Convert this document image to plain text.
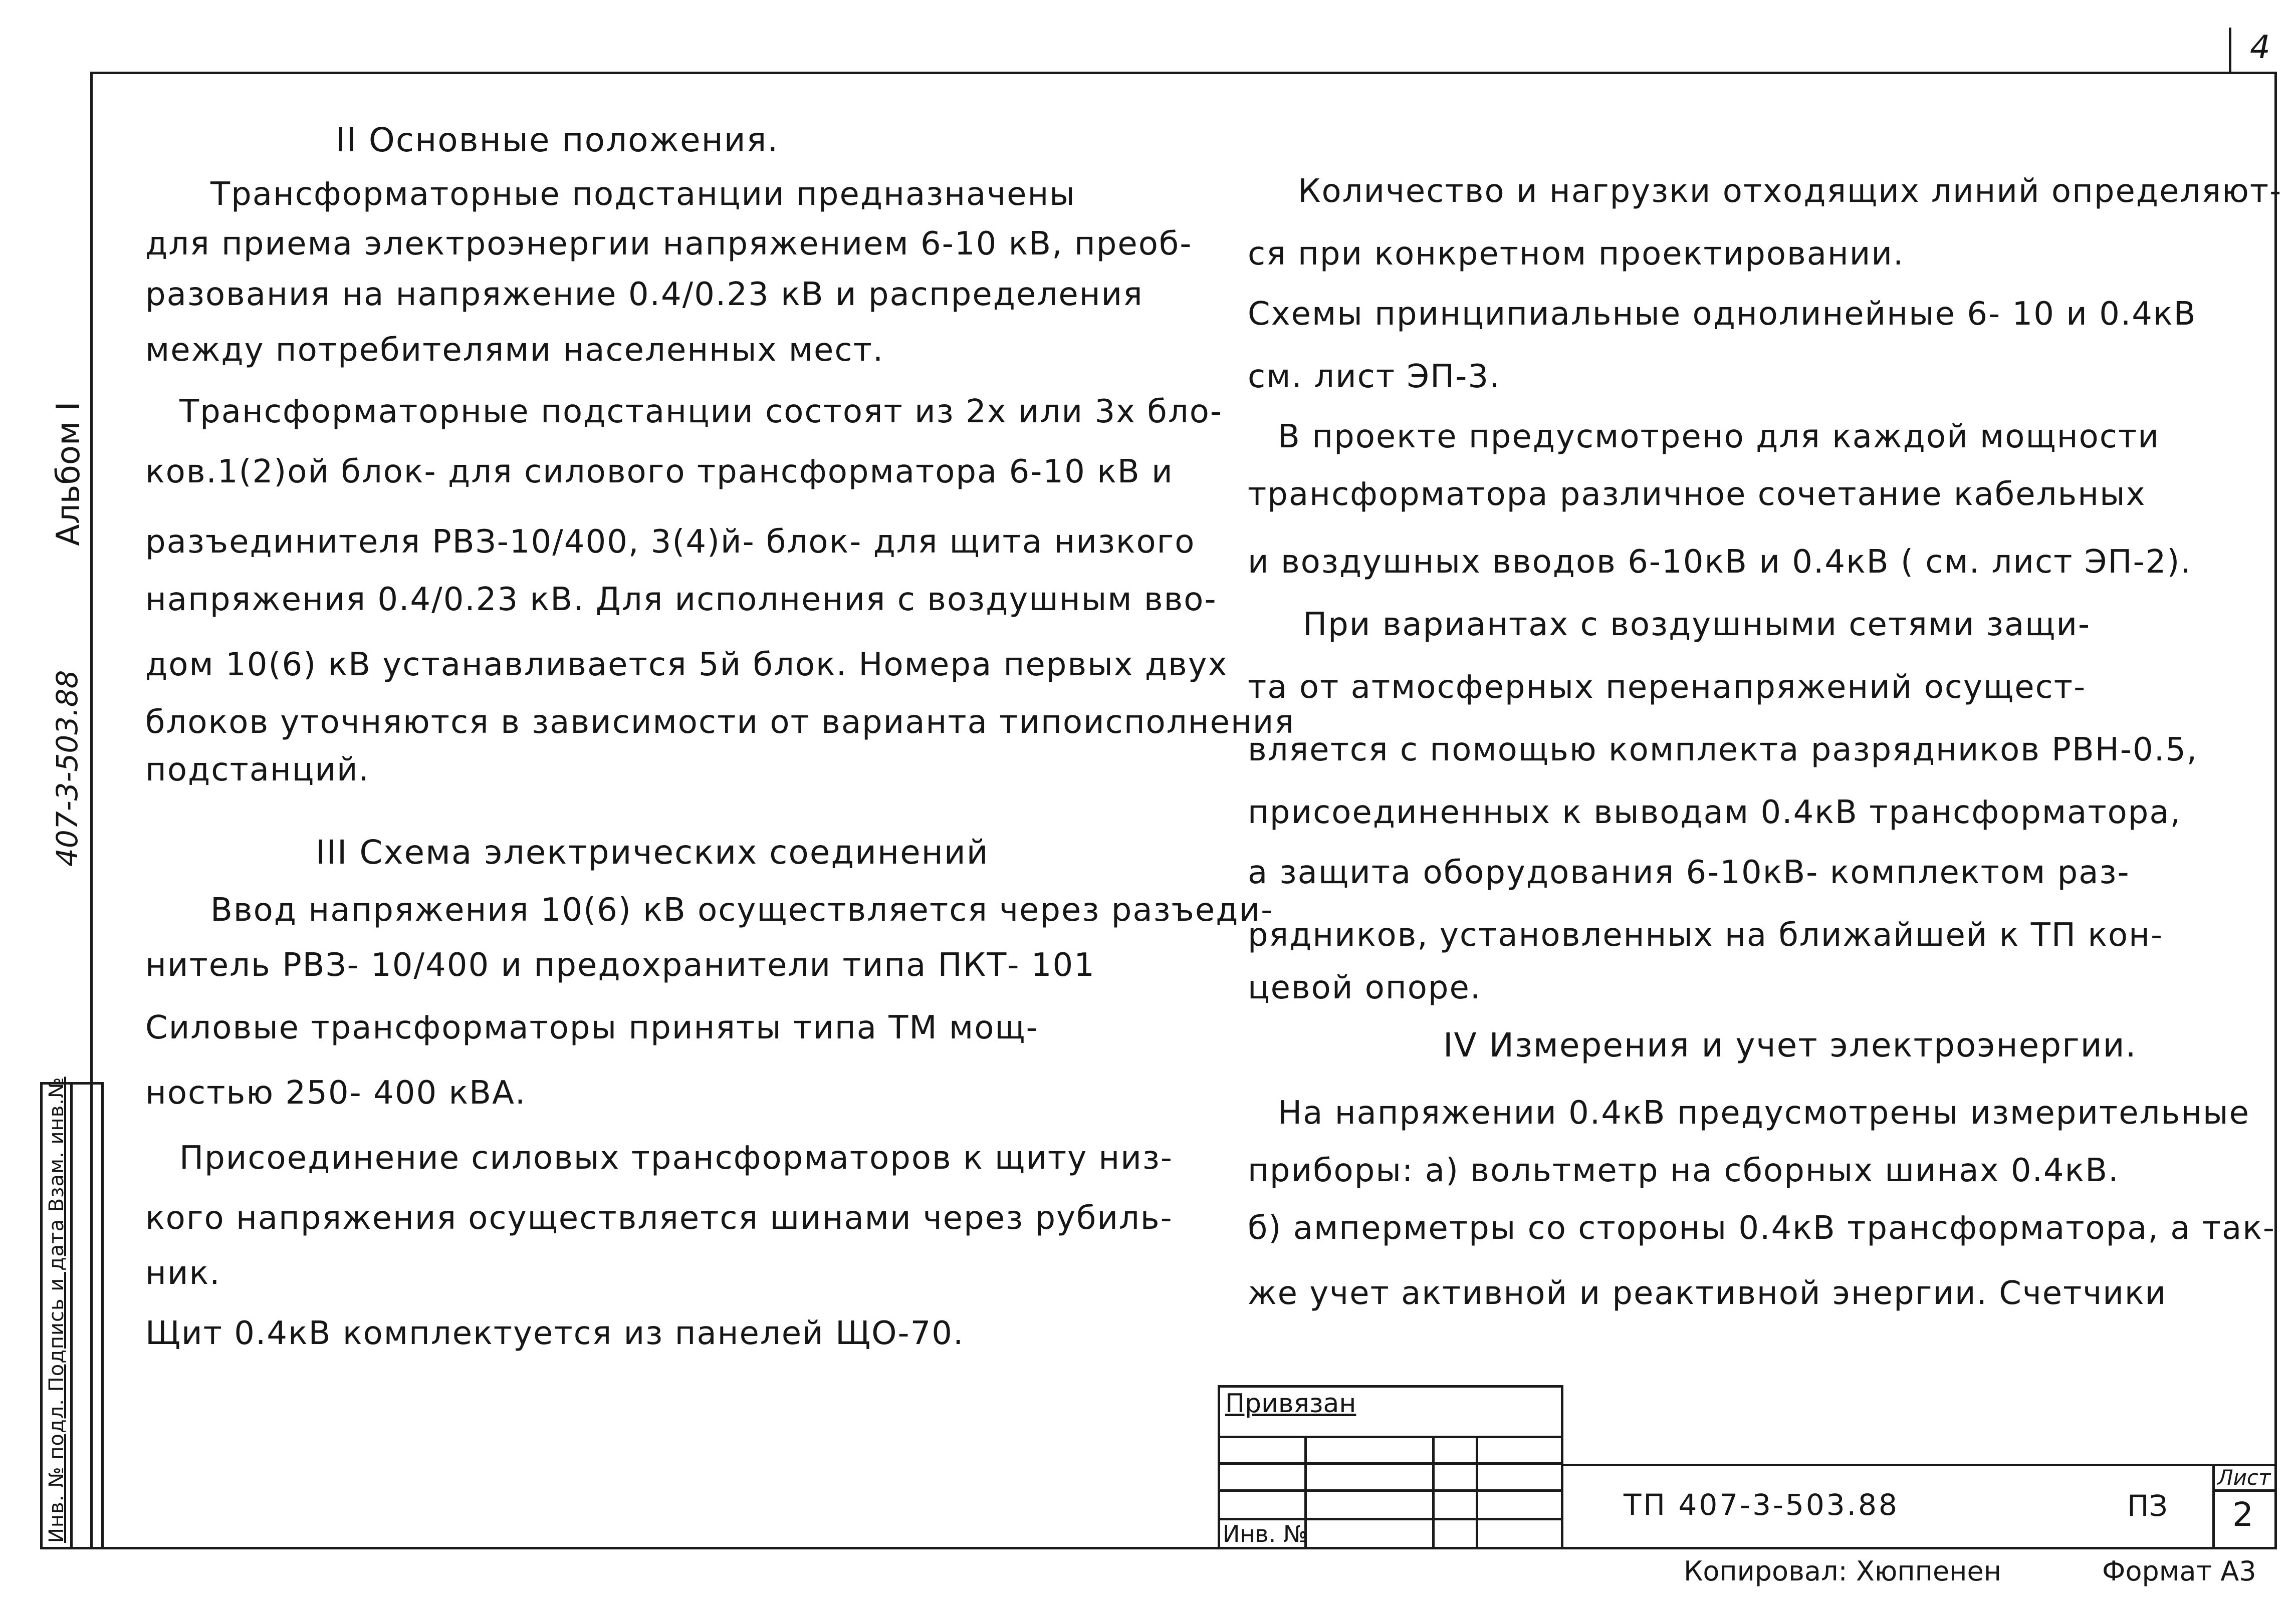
4
Альбом I
407-3-503.88
Инв. № подл. Подпись и дата Взам. инв.№
II Основные положения.
Трансформаторные подстанции предназначены
для приема электроэнергии напряжением 6-10 кВ, преоб-
разования на напряжение 0.4/0.23 кВ и распределения
между потребителями населенных мест.
Трансформаторные подстанции состоят из 2х или 3х бло-
ков.1(2)ой блок- для силового трансформатора 6-10 кВ и
разъединителя РВЗ-10/400, 3(4)й- блок- для щита низкого
напряжения 0.4/0.23 кВ. Для исполнения с воздушным вво-
дом 10(6) кВ устанавливается 5й блок. Номера первых двух
блоков уточняются в зависимости от варианта типоисполнения
подстанций.
III Схема электрических соединений
Ввод напряжения 10(6) кВ осуществляется через разъеди-
нитель РВЗ- 10/400 и предохранители типа ПКТ- 101
Силовые трансформаторы приняты типа ТМ мощ-
ностью 250- 400 кВА.
Присоединение силовых трансформаторов к щиту низ-
кого напряжения осуществляется шинами через рубиль-
ник.
Щит 0.4кВ комплектуется из панелей ЩО-70.
Количество и нагрузки отходящих линий определяют-
ся при конкретном проектировании.
Схемы принципиальные однолинейные 6- 10 и 0.4кВ
см. лист ЭП-3.
В проекте предусмотрено для каждой мощности
трансформатора различное сочетание кабельных
и воздушных вводов 6-10кВ и 0.4кВ ( см. лист ЭП-2).
При вариантах с воздушными сетями защи-
та от атмосферных перенапряжений осущест-
вляется с помощью комплекта разрядников РВН-0.5,
присоединенных к выводам 0.4кВ трансформатора,
а защита оборудования 6-10кВ- комплектом раз-
рядников, установленных на ближайшей к ТП кон-
цевой опоре.
IV Измерения и учет электроэнергии.
На напряжении 0.4кВ предусмотрены измерительные
приборы: а) вольтметр на сборных шинах 0.4кВ.
б) амперметры со стороны 0.4кВ трансформатора, а так-
же учет активной и реактивной энергии. Счетчики
Привязан
Инв. №
ТП 407-3-503.88	ПЗ
Лист
2
Копировал: Хюппенен	Формат А3
